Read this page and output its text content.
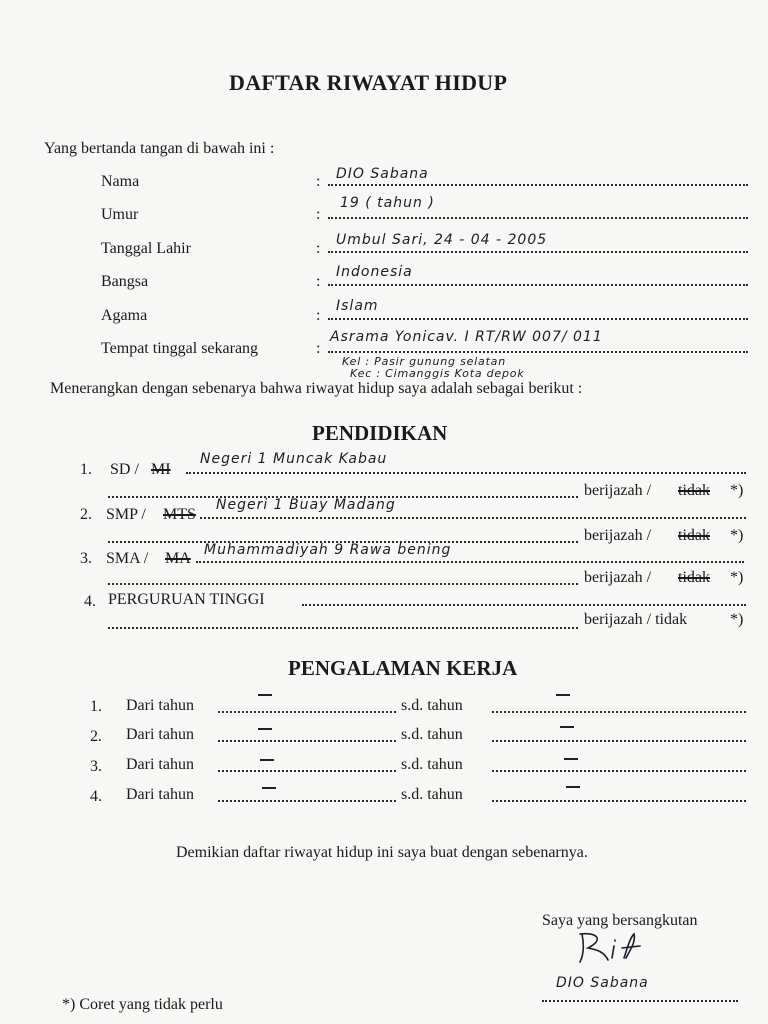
DAFTAR RIWAYAT HIDUP
Yang bertanda tangan di bawah ini :
Nama	: DIO Sabana
Umur	:
19 ( tahun )
Tanggal Lahir	: Umbul Sari, 24 - 04 - 2005
Bangsa	:
Indonesia
Agama	:
Islam
Tempat tinggal sekarang	:
Asrama Yonicav. I RT/RW 007/ 011
Kel : Pasir gunung selatan
Kec : Cimanggis Kota depok
Menerangkan dengan sebenarya bahwa riwayat hidup saya adalah sebagai berikut :
PENDIDIKAN
1. SD / MI
Negeri 1 Muncak Kabau
berijazah / tidak *)
2. SMP / MTS
Negeri 1 Buay Madang
berijazah / tidak *)
3. SMA / MA Muhammadiyah 9 Rawa bening
berijazah / tidak *)
4. PERGURUAN TINGGI
berijazah / tidak	*)
PENGALAMAN KERJA
1. Dari tahun	s.d. tahun
2. Dari tahun	s.d. tahun
3. Dari tahun	s.d. tahun
4. Dari tahun	s.d. tahun
Demikian daftar riwayat hidup ini saya buat dengan sebenarnya.
Saya yang bersangkutan
DIO Sabana
*) Coret yang tidak perlu
